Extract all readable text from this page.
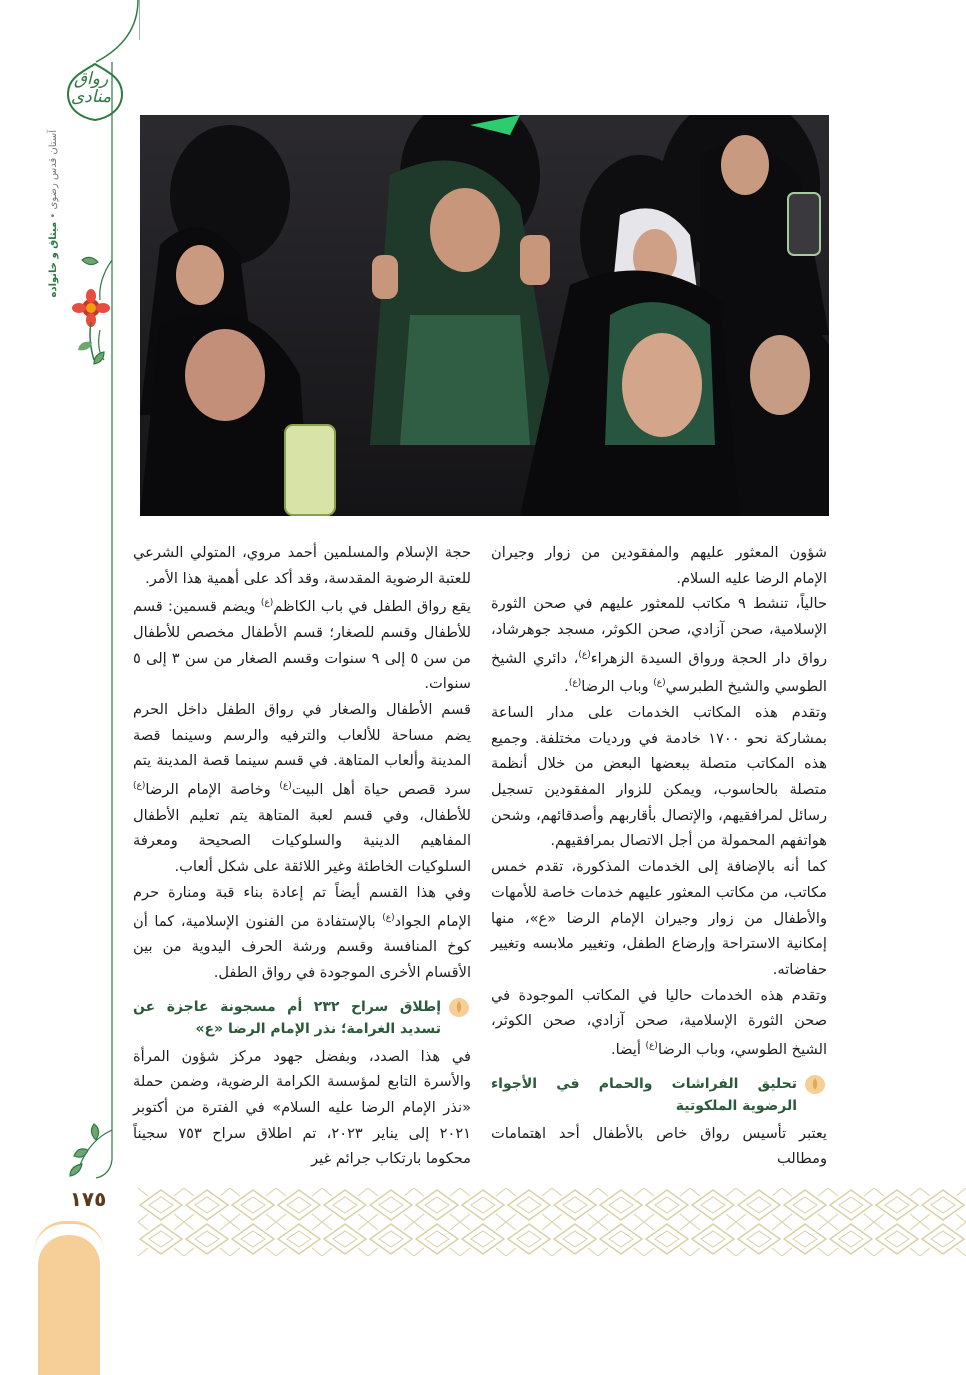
رواق منادی
آستان قدس رضوی • میثاق و خانواده
١٧٥

شؤون المعثور عليهم والمفقودين من زوار وجيران الإمام الرضا عليه السلام.

حالياً، تنشط ٩ مكاتب للمعثور عليهم في صحن الثورة الإسلامية، صحن آزادي، صحن الكوثر، مسجد جوهرشاد، رواق دار الحجة ورواق السيدة الزهراء$^{(ع)}$، دائري الشيخ الطوسي والشيخ الطبرسي$^{(ع)}$ وباب الرضا$^{(ع)}$.

وتقدم هذه المكاتب الخدمات على مدار الساعة بمشاركة نحو ١٧٠٠ خادمة في ورديات مختلفة. وجميع هذه المكاتب متصلة ببعضها البعض من خلال أنظمة متصلة بالحاسوب، ويمكن للزوار المفقودين تسجيل رسائل لمرافقيهم، والإتصال بأقاربهم وأصدقائهم، وشحن هواتفهم المحمولة من أجل الاتصال بمرافقيهم.

كما أنه بالإضافة إلى الخدمات المذكورة، تقدم خمس مكاتب، من مكاتب المعثور عليهم خدمات خاصة للأمهات والأطفال من زوار وجيران الإمام الرضا «ع»، منها إمكانية الاستراحة وإرضاع الطفل، وتغيير ملابسه وتغيير حفاضاته.

وتقدم هذه الخدمات حاليا في المكاتب الموجودة في صحن الثورة الإسلامية، صحن آزادي، صحن الكوثر، الشيخ الطوسي، وباب الرضا$^{(ع)}$ أيضا.

تحليق الفراشات والحمام في الأجواء الرضوية الملكوتية

يعتبر تأسيس رواق خاص بالأطفال أحد اهتمامات ومطالب

حجة الإسلام والمسلمين أحمد مروي، المتولي الشرعي للعتبة الرضوية المقدسة، وقد أكد على أهمية هذا الأمر.

يقع رواق الطفل في باب الكاظم$^{(ع)}$ ويضم قسمين: قسم للأطفال وقسم للصغار؛ قسم الأطفال مخصص للأطفال من سن ٥ إلى ٩ سنوات وقسم الصغار من سن ٣ إلى ٥ سنوات.

قسم الأطفال والصغار في رواق الطفل داخل الحرم يضم مساحة للألعاب والترفيه والرسم وسينما قصة المدينة وألعاب المتاهة. في قسم سينما قصة المدينة يتم سرد قصص حياة أهل البيت$^{(ع)}$ وخاصة الإمام الرضا$^{(ع)}$ للأطفال، وفي قسم لعبة المتاهة يتم تعليم الأطفال المفاهيم الدينية والسلوكيات الصحيحة ومعرفة السلوكيات الخاطئة وغير اللائقة على شكل ألعاب.

وفي هذا القسم أيضاً تم إعادة بناء قبة ومنارة حرم الإمام الجواد$^{(ع)}$ بالإستفادة من الفنون الإسلامية، كما أن كوخ المنافسة وقسم ورشة الحرف اليدوية من بين الأقسام الأخرى الموجودة في رواق الطفل.

إطلاق سراح ٢٣٢ أم مسجونة عاجزة عن تسديد الغرامة؛ نذر الإمام الرضا «ع»

في هذا الصدد، وبفضل جهود مركز شؤون المرأة والأسرة التابع لمؤسسة الكرامة الرضوية، وضمن حملة «نذر الإمام الرضا عليه السلام» في الفترة من أكتوبر ٢٠٢١ إلى يناير ٢٠٢٣، تم اطلاق سراح ٧٥٣ سجيناً محكوما بارتكاب جرائم غير
